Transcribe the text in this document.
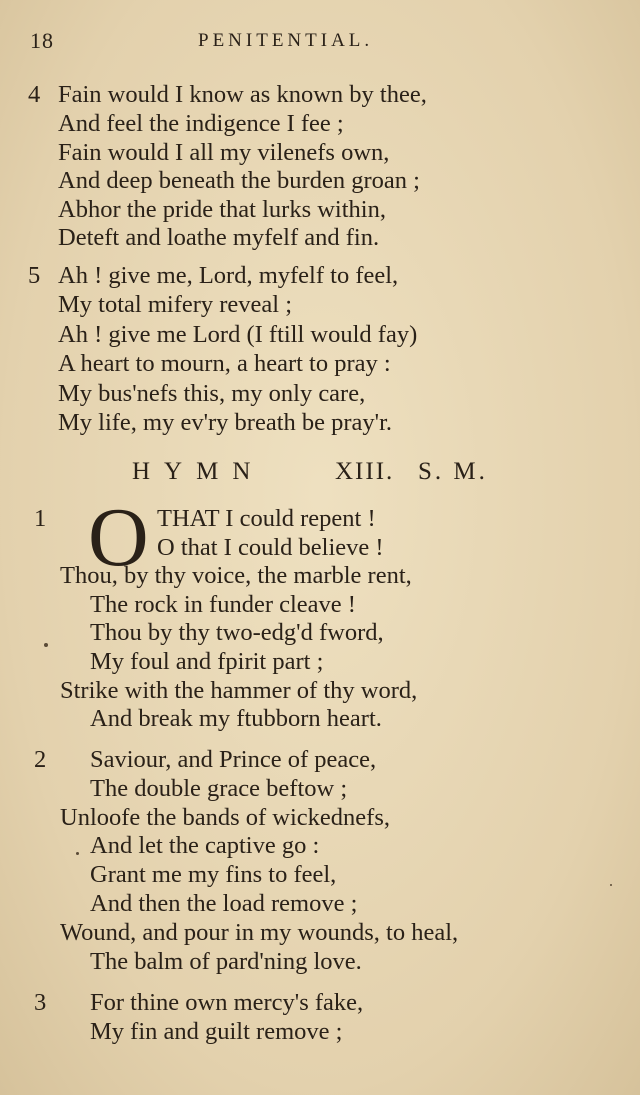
18	PENITENTIAL.
4 Fain would I know as known by thee,
And feel the indigence I fee ;
Fain would I all my vilenefs own,
And deep beneath the burden groan ;
Abhor the pride that lurks within,
Deteft and loathe myfelf and fin.
5 Ah ! give me, Lord, myfelf to feel,
My total mifery reveal ;
Ah ! give me Lord (I ftill would fay)
A heart to mourn, a heart to pray :
My bus'nefs this, my only care,
My life, my ev'ry breath be pray'r.
HYMN	XIII. S. M.
1 O THAT I could repent !
O that I could believe !
Thou, by thy voice, the marble rent,
The rock in funder cleave !
Thou by thy two-edg'd fword,
My foul and fpirit part ;
Strike with the hammer of thy word,
And break my ftubborn heart.
2 Saviour, and Prince of peace,
The double grace beftow ;
Unloofe the bands of wickednefs,
And let the captive go :
Grant me my fins to feel,
And then the load remove ;
Wound, and pour in my wounds, to heal,
The balm of pard'ning love.
3 For thine own mercy's fake,
My fin and guilt remove ;
